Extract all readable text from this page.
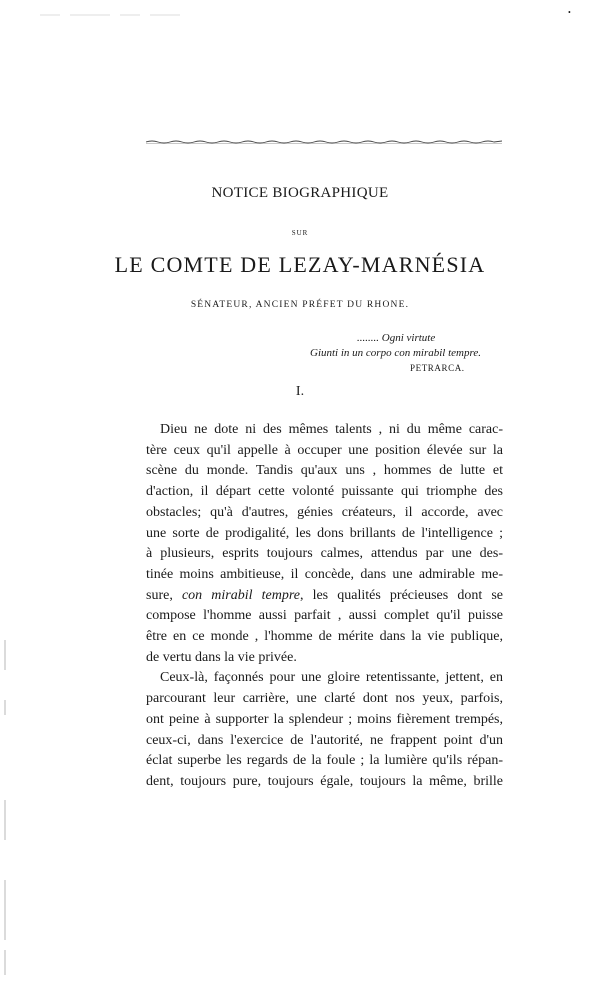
•
NOTICE BIOGRAPHIQUE
SUR
LE COMTE DE LEZAY-MARNÉSIA
SÉNATEUR, ANCIEN PRÉFET DU RHONE.
........ Ogni virtute
Giunti in un corpo con mirabil tempre.
PETRARCA.
I.
Dieu ne dote ni des mêmes talents , ni du même carac-
tère ceux qu'il appelle à occuper une position élevée sur la
scène du monde. Tandis qu'aux uns , hommes de lutte et
d'action, il départ cette volonté puissante qui triomphe des
obstacles; qu'à d'autres, génies créateurs, il accorde, avec
une sorte de prodigalité, les dons brillants de l'intelligence ;
à plusieurs, esprits toujours calmes, attendus par une des-
tinée moins ambitieuse, il concède, dans une admirable me-
sure, con mirabil tempre, les qualités précieuses dont se
compose l'homme aussi parfait , aussi complet qu'il puisse
être en ce monde , l'homme de mérite dans la vie publique,
de vertu dans la vie privée.
Ceux-là, façonnés pour une gloire retentissante, jettent, en
parcourant leur carrière, une clarté dont nos yeux, parfois,
ont peine à supporter la splendeur ; moins fièrement trempés,
ceux-ci, dans l'exercice de l'autorité, ne frappent point d'un
éclat superbe les regards de la foule ; la lumière qu'ils répan-
dent, toujours pure, toujours égale, toujours la même, brille
